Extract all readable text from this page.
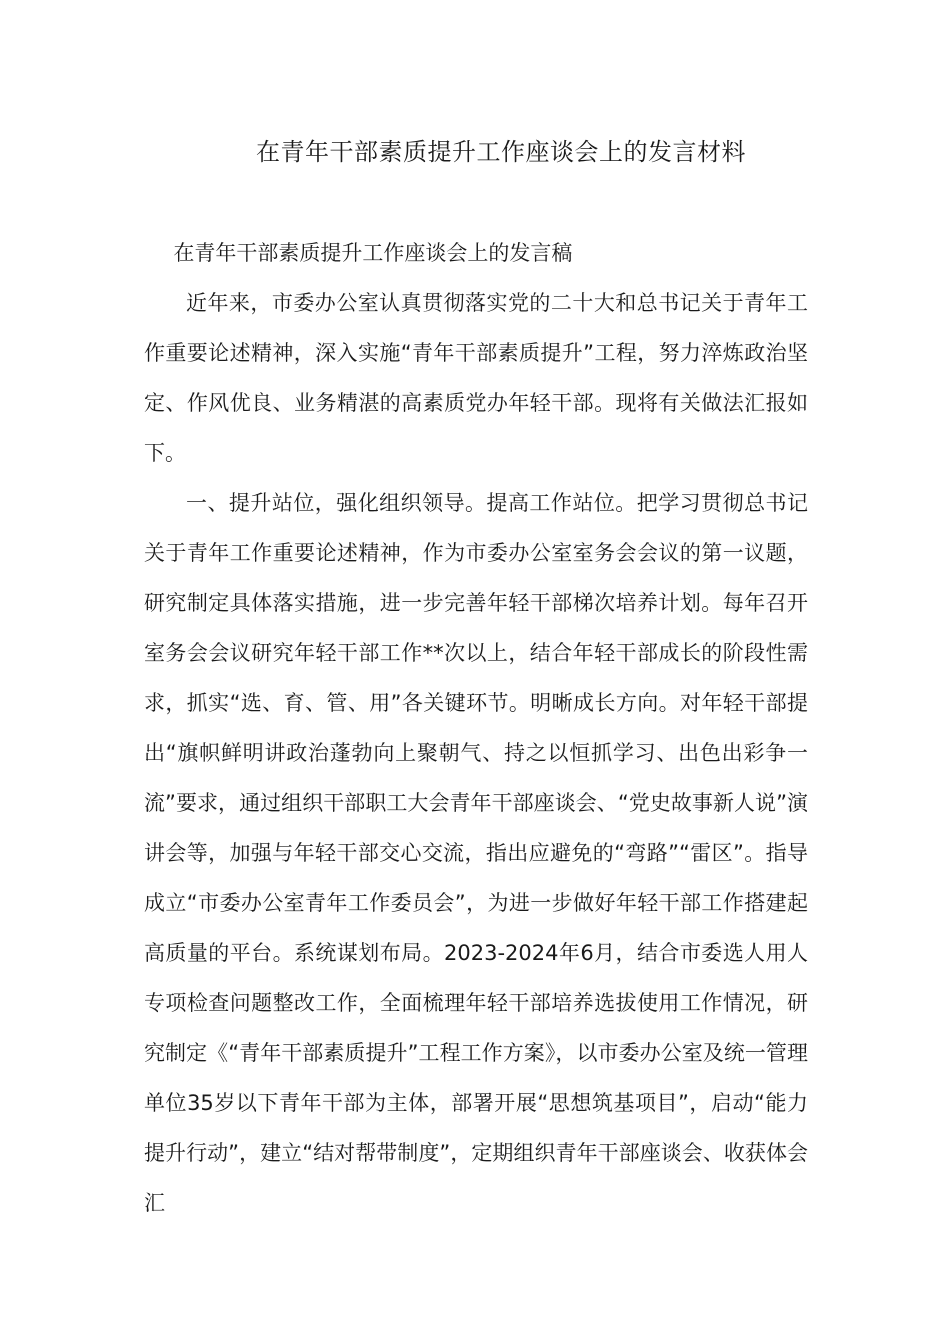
在青年干部素质提升工作座谈会上的发言材料

在青年干部素质提升工作座谈会上的发言稿

近年来，市委办公室认真贯彻落实党的二十大和总书记关于青年工作重要论述精神，深入实施“青年干部素质提升”工程，努力淬炼政治坚定、作风优良、业务精湛的高素质党办年轻干部。现将有关做法汇报如下。

一、提升站位，强化组织领导。提高工作站位。把学习贯彻总书记关于青年工作重要论述精神，作为市委办公室室务会会议的第一议题，研究制定具体落实措施，进一步完善年轻干部梯次培养计划。每年召开室务会会议研究年轻干部工作**次以上，结合年轻干部成长的阶段性需求，抓实“选、育、管、用”各关键环节。明晰成长方向。对年轻干部提出“旗帜鲜明讲政治蓬勃向上聚朝气、持之以恒抓学习、出色出彩争一流”要求，通过组织干部职工大会青年干部座谈会、“党史故事新人说”演讲会等，加强与年轻干部交心交流，指出应避免的“弯路”“雷区”。指导成立“市委办公室青年工作委员会”，为进一步做好年轻干部工作搭建起高质量的平台。系统谋划布局。2023-2024年6月，结合市委选人用人专项检查问题整改工作，全面梳理年轻干部培养选拔使用工作情况，研究制定《“青年干部素质提升”工程工作方案》，以市委办公室及统一管理单位35岁以下青年干部为主体，部署开展“思想筑基项目”，启动“能力提升行动”，建立“结对帮带制度”，定期组织青年干部座谈会、收获体会汇
